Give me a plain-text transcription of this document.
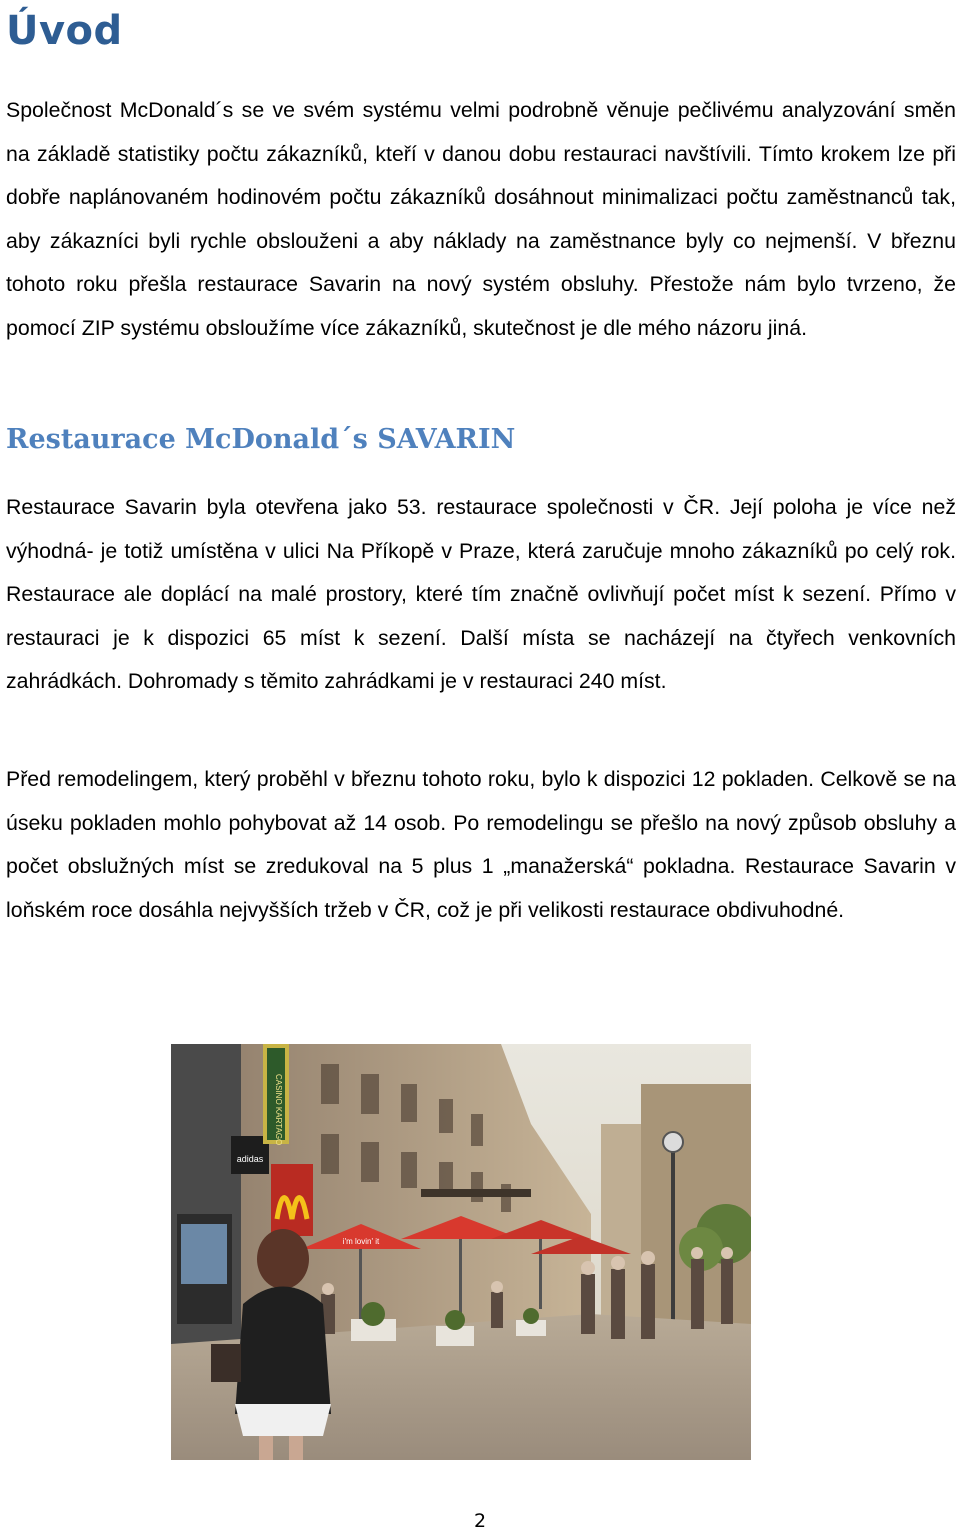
Úvod

Společnost McDonald´s se ve svém systému velmi podrobně věnuje pečlivému analyzování směn na základě statistiky počtu zákazníků, kteří v danou dobu restauraci navštívili. Tímto krokem lze při dobře naplánovaném hodinovém počtu zákazníků dosáhnout minimalizaci počtu zaměstnanců tak, aby zákazníci byli rychle obslouženi a aby náklady na zaměstnance byly co nejmenší. V březnu tohoto roku přešla restaurace Savarin na nový systém obsluhy. Přestože nám bylo tvrzeno, že pomocí ZIP systému obsloužíme více zákazníků, skutečnost je dle mého názoru jiná.

Restaurace McDonald´s SAVARIN

Restaurace Savarin byla otevřena jako 53. restaurace společnosti v ČR. Její poloha je více než výhodná- je totiž umístěna v ulici Na Příkopě v Praze, která zaručuje mnoho zákazníků po celý rok. Restaurace ale doplácí na malé prostory, které tím značně ovlivňují počet míst k sezení. Přímo v restauraci je k dispozici 65 míst k sezení. Další místa se nacházejí na čtyřech venkovních zahrádkách. Dohromady s těmito zahrádkami je v restauraci 240 míst.

Před remodelingem, který proběhl v březnu tohoto roku, bylo k dispozici 12 pokladen. Celkově se na úseku pokladen mohlo pohybovat až 14 osob. Po remodelingu se přešlo na nový způsob obsluhy a počet obslužných míst se zredukoval na 5 plus 1 „manažerská“ pokladna. Restaurace Savarin v loňském roce dosáhla nejvyšších tržeb v ČR, což je při velikosti restaurace obdivuhodné.

adidas
CASINO KARTAGO
i'm lovin' it
2
